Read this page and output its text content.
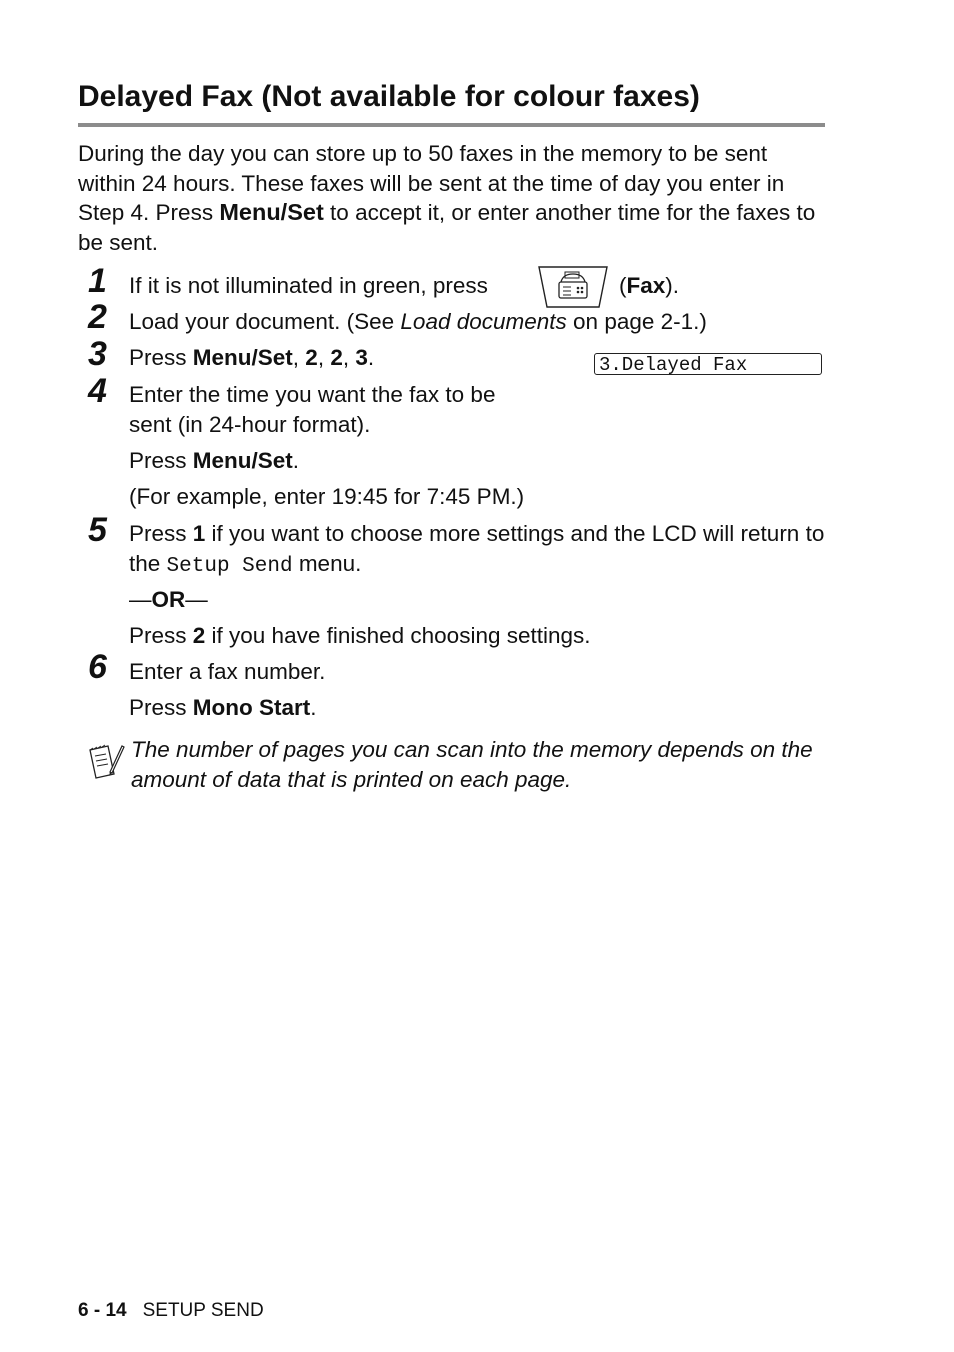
Delayed Fax (Not available for colour faxes)
During the day you can store up to 50 faxes in the memory to be sent within 24 hours. These faxes will be sent at the time of day you enter in Step 4. Press Menu/Set to accept it, or enter another time for the faxes to be sent.
1 If it is not illuminated in green, press	(Fax).
2 Load your document. (See Load documents on page 2-1.)
3 Press Menu/Set, 2, 2, 3.	3.Delayed Fax
4 Enter the time you want the fax to be sent (in 24-hour format).
Press Menu/Set.
(For example, enter 19:45 for 7:45 PM.)
5 Press 1 if you want to choose more settings and the LCD will return to the Setup Send menu.
—OR—
Press 2 if you have finished choosing settings.
6 Enter a fax number.
Press Mono Start.
The number of pages you can scan into the memory depends on the amount of data that is printed on each page.
6 - 14 SETUP SEND
